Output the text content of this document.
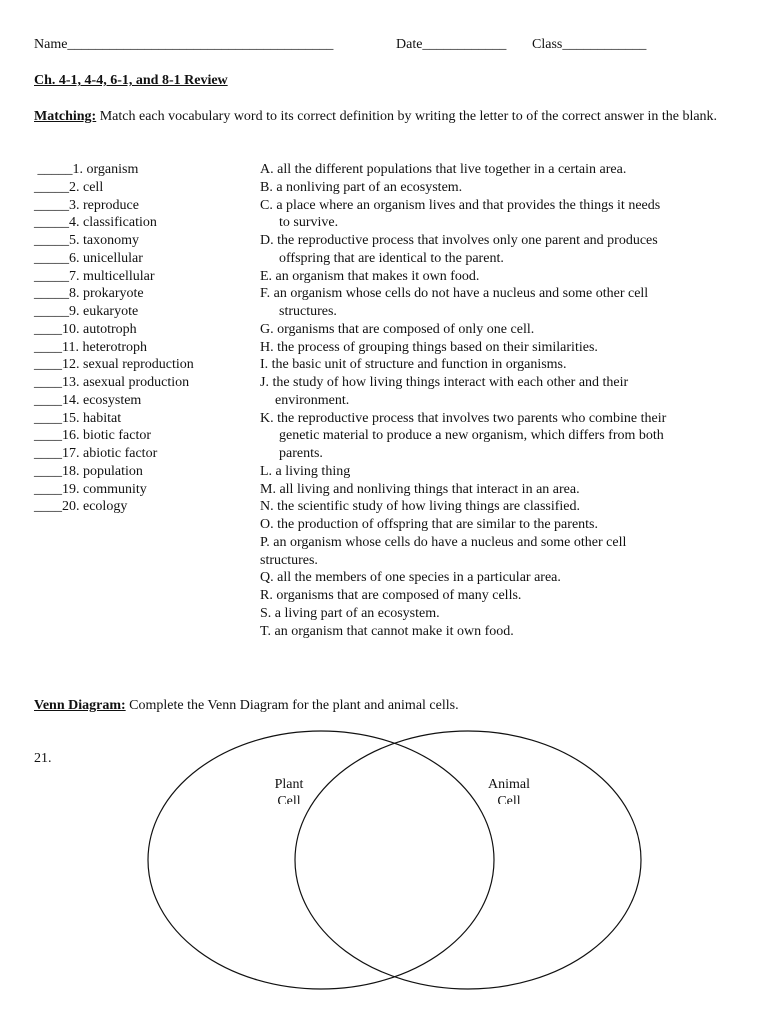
Name______________________________________	Date____________ Class____________
Ch. 4-1, 4-4, 6-1, and 8-1 Review
Matching: Match each vocabulary word to its correct definition by writing the letter to of the correct answer in the blank.
_____1. organism
_____2. cell
_____3. reproduce
_____4. classification
_____5. taxonomy
_____6. unicellular
_____7. multicellular
_____8. prokaryote
_____9. eukaryote
____10. autotroph
____11. heterotroph
____12. sexual reproduction
____13. asexual production
____14. ecosystem
____15. habitat
____16. biotic factor
____17. abiotic factor
____18. population
____19. community
____20. ecology
A. all the different populations that live together in a certain area.
B. a nonliving part of an ecosystem.
C. a place where an organism lives and that provides the things it needs
to survive.
D. the reproductive process that involves only one parent and produces
offspring that are identical to the parent.
E. an organism that makes it own food.
F. an organism whose cells do not have a nucleus and some other cell
structures.
G. organisms that are composed of only one cell.
H. the process of grouping things based on their similarities.
I. the basic unit of structure and function in organisms.
J. the study of how living things interact with each other and their
environment.
K. the reproductive process that involves two parents who combine their
genetic material to produce a new organism, which differs from both
parents.
L. a living thing
M. all living and nonliving things that interact in an area.
N. the scientific study of how living things are classified.
O. the production of offspring that are similar to the parents.
P. an organism whose cells do have a nucleus and some other cell
structures.
Q. all the members of one species in a particular area.
R. organisms that are composed of many cells.
S. a living part of an ecosystem.
T. an organism that cannot make it own food.
Venn Diagram: Complete the Venn Diagram for the plant and animal cells.
21.
Plant
Cell
Animal
Cell
